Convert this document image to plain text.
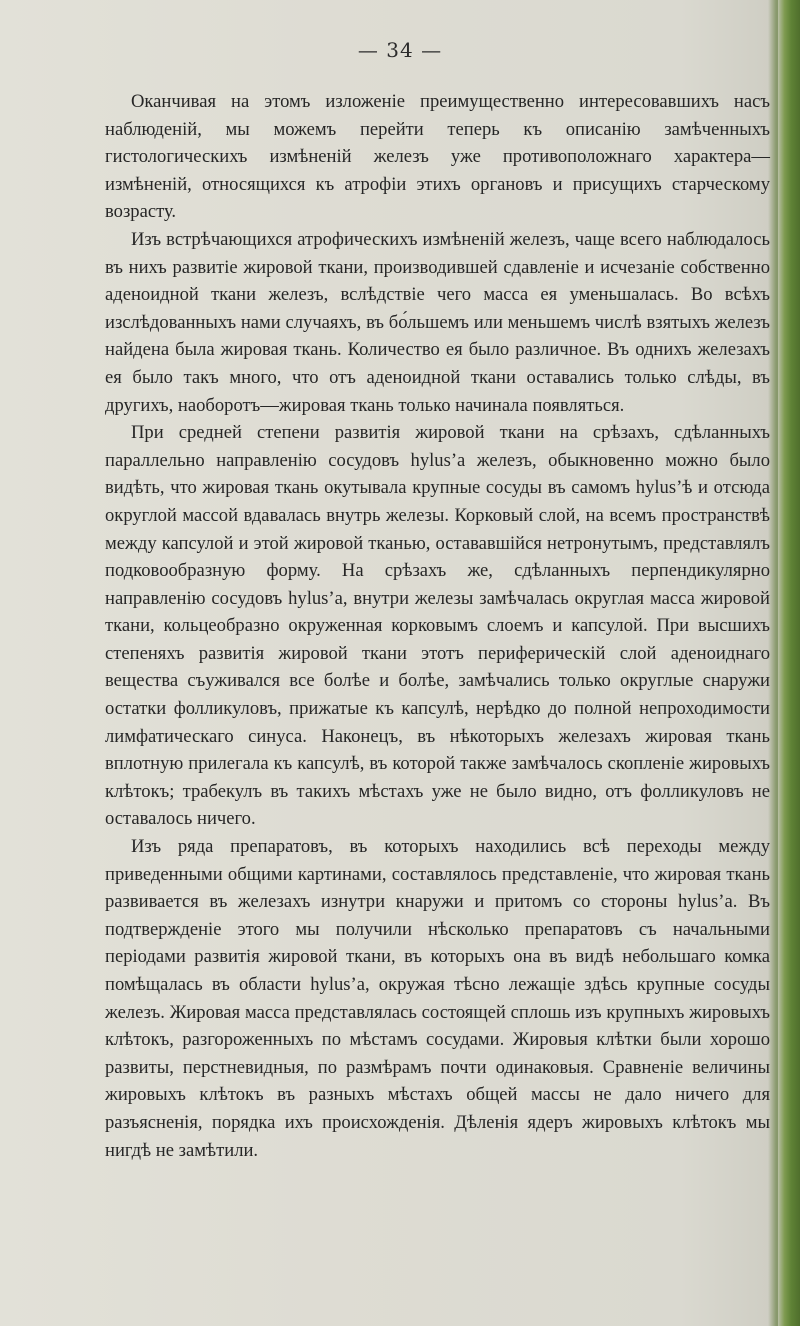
— 34 —

Оканчивая на этомъ изложеніе преимущественно интересовавшихъ насъ наблюденій, мы можемъ перейти теперь къ описанію замѣченныхъ гистологическихъ измѣненій железъ уже противоположнаго характера— измѣненій, относящихся къ атрофіи этихъ органовъ и присущихъ старческому возрасту.

Изъ встрѣчающихся атрофическихъ измѣненій железъ, чаще всего наблюдалось въ нихъ развитіе жировой ткани, производившей сдавленіе и исчезаніе собственно аденоидной ткани железъ, вслѣдствіе чего масса ея уменьшалась. Во всѣхъ изслѣдованныхъ нами случаяхъ, въ бо́льшемъ или меньшемъ числѣ взятыхъ железъ найдена была жировая ткань. Количество ея было различное. Въ однихъ железахъ ея было такъ много, что отъ аденоидной ткани оставались только слѣды, въ другихъ, наоборотъ—жировая ткань только начинала появляться.

При средней степени развитія жировой ткани на срѣзахъ, сдѣланныхъ параллельно направленію сосудовъ hylus’а железъ, обыкновенно можно было видѣть, что жировая ткань окутывала крупные сосуды въ самомъ hylus’ѣ и отсюда округлой массой вдавалась внутрь железы. Корковый слой, на всемъ пространствѣ между капсулой и этой жировой тканью, остававшійся нетронутымъ, представлялъ подковообразную форму. На срѣзахъ же, сдѣланныхъ перпендикулярно направленію сосудовъ hylus’а, внутри железы замѣчалась округлая масса жировой ткани, кольцеобразно окруженная корковымъ слоемъ и капсулой. При высшихъ степеняхъ развитія жировой ткани этотъ периферическій слой аденоиднаго вещества съуживался все болѣе и болѣе, замѣчались только округлые снаружи остатки фолликуловъ, прижатые къ капсулѣ, нерѣдко до полной непроходимости лимфатическаго синуса. Наконецъ, въ нѣкоторыхъ железахъ жировая ткань вплотную прилегала къ капсулѣ, въ которой также замѣчалось скопленіе жировыхъ клѣтокъ; трабекулъ въ такихъ мѣстахъ уже не было видно, отъ фолликуловъ не оставалось ничего.

Изъ ряда препаратовъ, въ которыхъ находились всѣ переходы между приведенными общими картинами, составлялось представленіе, что жировая ткань развивается въ железахъ изнутри кнаружи и притомъ со стороны hylus’а. Въ подтвержденіе этого мы получили нѣсколько препаратовъ съ начальными періодами развитія жировой ткани, въ которыхъ она въ видѣ небольшаго комка помѣщалась въ области hylus’а, окружая тѣсно лежащіе здѣсь крупные сосуды железъ. Жировая масса представлялась состоящей сплошь изъ крупныхъ жировыхъ клѣтокъ, разгороженныхъ по мѣстамъ сосудами. Жировыя клѣтки были хорошо развиты, перстневидныя, по размѣрамъ почти одинаковыя. Сравненіе величины жировыхъ клѣтокъ въ разныхъ мѣстахъ общей массы не дало ничего для разъясненія, порядка ихъ происхожденія. Дѣленія ядеръ жировыхъ клѣтокъ мы нигдѣ не замѣтили.
